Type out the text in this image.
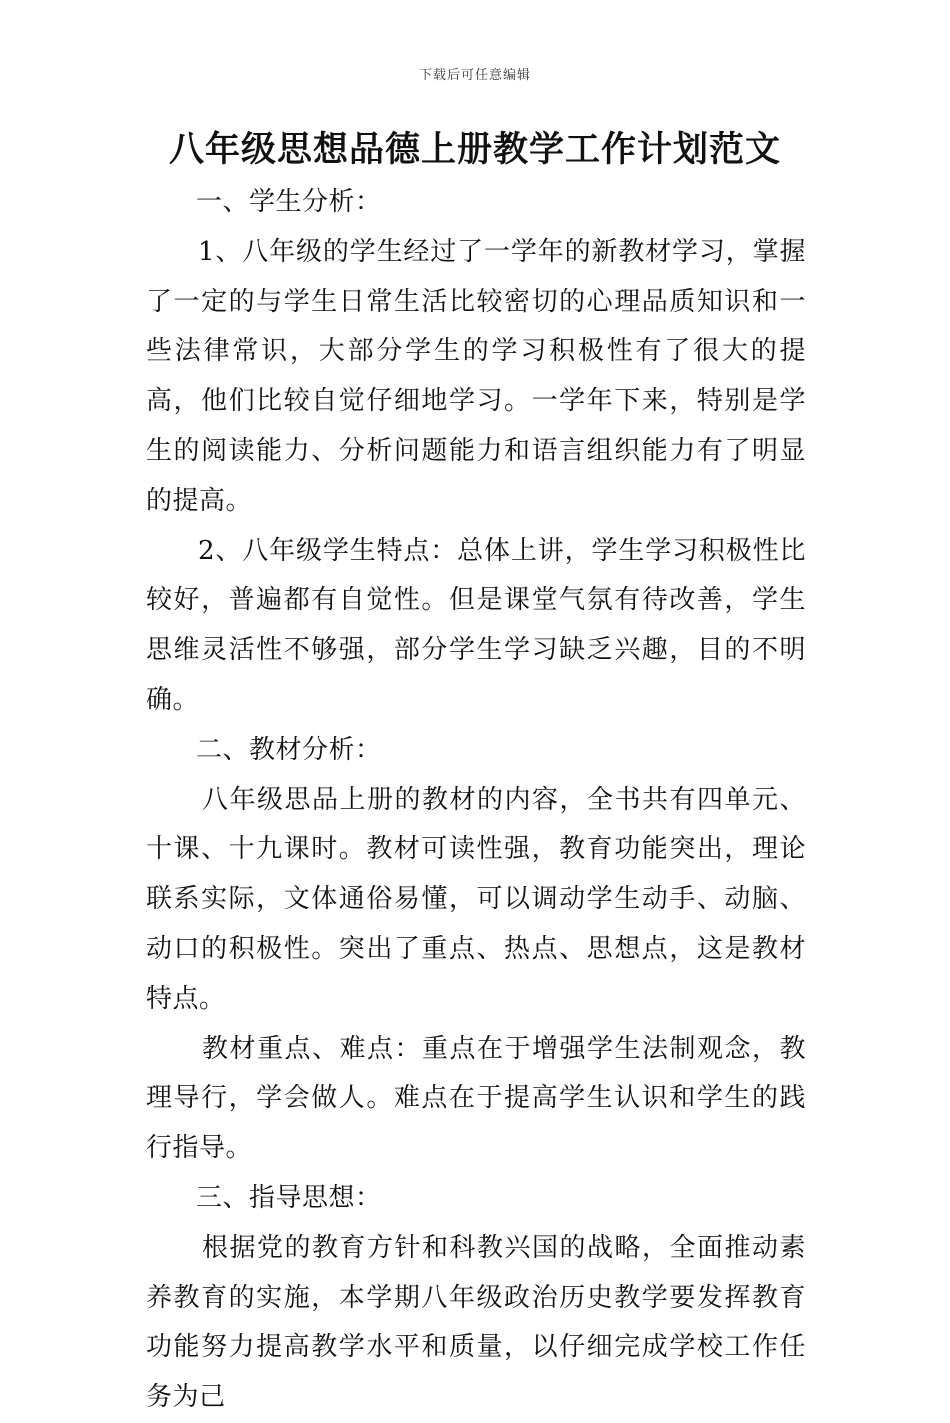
下载后可任意编辑
八年级思想品德上册教学工作计划范文

一、学生分析：

1、八年级的学生经过了一学年的新教材学习，掌握了一定的与学生日常生活比较密切的心理品质知识和一些法律常识，大部分学生的学习积极性有了很大的提高，他们比较自觉仔细地学习。一学年下来，特别是学生的阅读能力、分析问题能力和语言组织能力有了明显的提高。

2、八年级学生特点：总体上讲，学生学习积极性比较好，普遍都有自觉性。但是课堂气氛有待改善，学生思维灵活性不够强，部分学生学习缺乏兴趣，目的不明确。

二、教材分析：

八年级思品上册的教材的内容，全书共有四单元、十课、十九课时。教材可读性强，教育功能突出，理论联系实际，文体通俗易懂，可以调动学生动手、动脑、动口的积极性。突出了重点、热点、思想点，这是教材特点。

教材重点、难点：重点在于增强学生法制观念，教理导行，学会做人。难点在于提高学生认识和学生的践行指导。

三、指导思想：

根据党的教育方针和科教兴国的战略，全面推动素养教育的实施，本学期八年级政治历史教学要发挥教育功能努力提高教学水平和质量，以仔细完成学校工作任务为己
